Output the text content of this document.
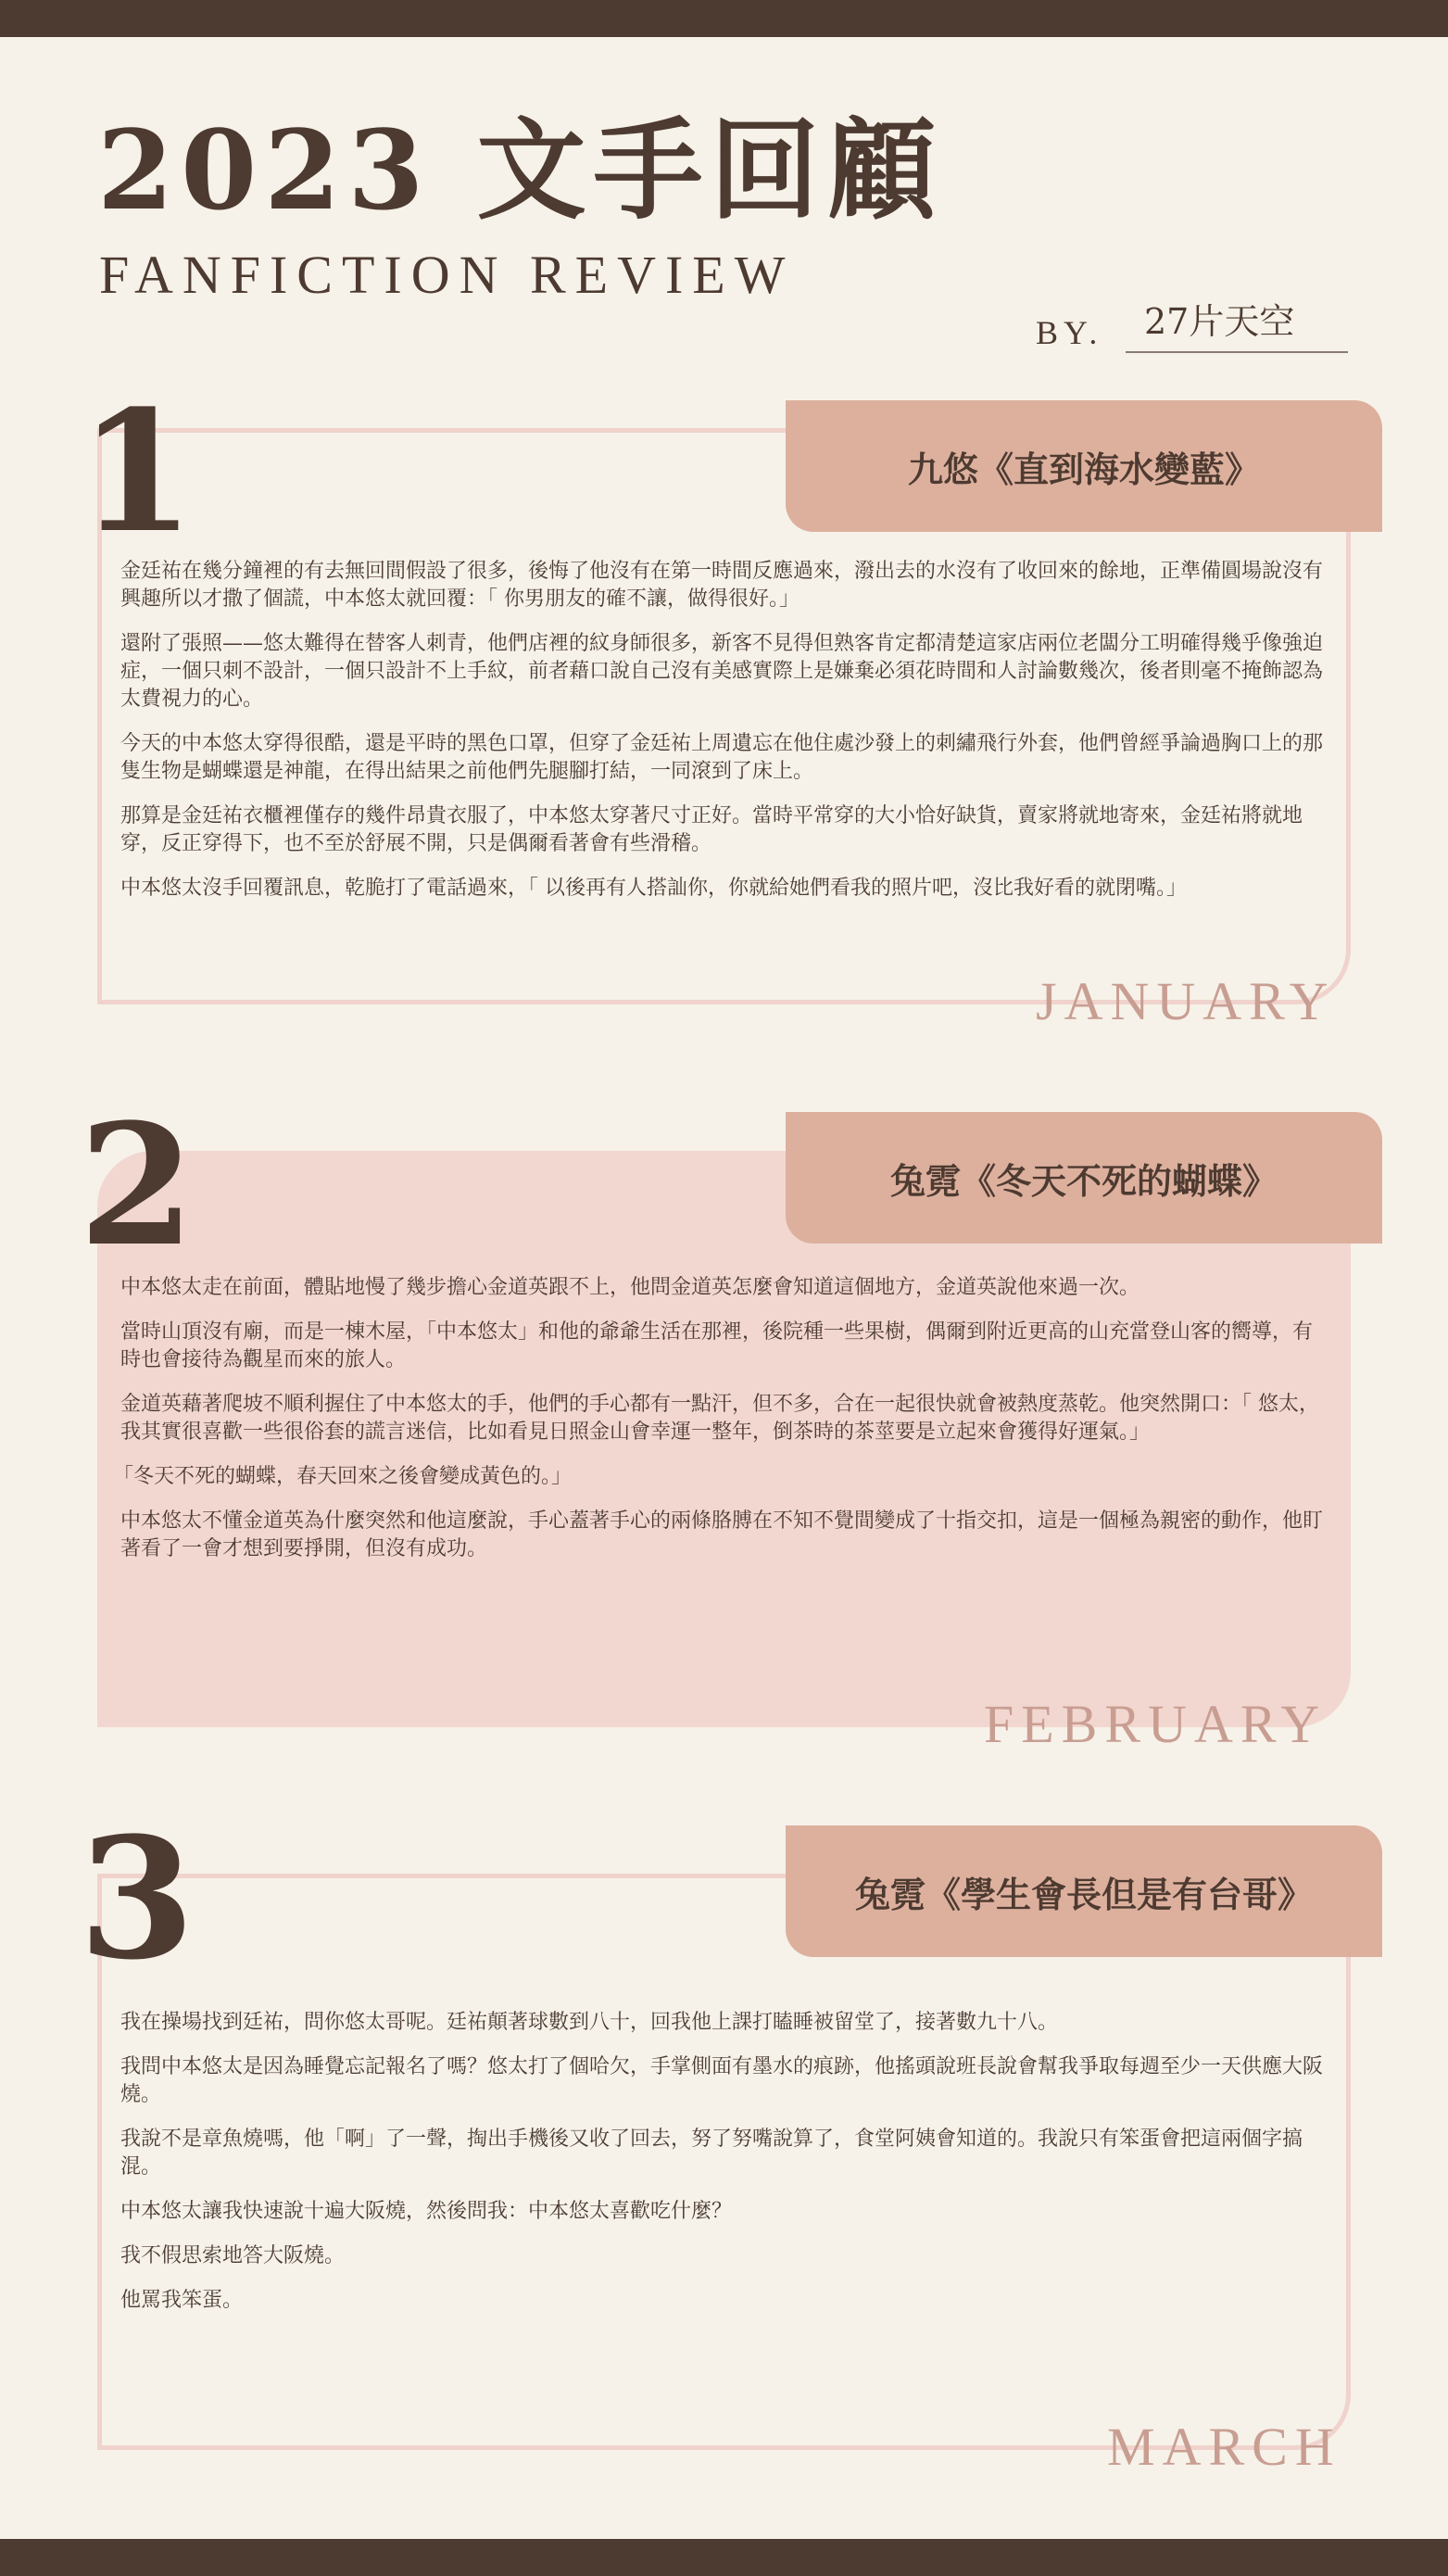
2023 文手回顧
FANFICTION REVIEW
BY.	27片天空
1	九悠《直到海水變藍》

金廷祐在幾分鐘裡的有去無回間假設了很多，後悔了他沒有在第一時間反應過來，潑出去的水沒有了收回來的餘地，正準備圓場說沒有興趣所以才撒了個謊，中本悠太就回覆：「 你男朋友的確不讓，做得很好。」

還附了張照——悠太難得在替客人刺青，他們店裡的紋身師很多，新客不見得但熟客肯定都清楚這家店兩位老闆分工明確得幾乎像強迫症，一個只刺不設計，一個只設計不上手紋，前者藉口說自己沒有美感實際上是嫌棄必須花時間和人討論數幾次，後者則毫不掩飾認為太費視力的心。

今天的中本悠太穿得很酷，還是平時的黑色口罩，但穿了金廷祐上周遺忘在他住處沙發上的刺繡飛行外套，他們曾經爭論過胸口上的那隻生物是蝴蝶還是神龍，在得出結果之前他們先腿腳打結，一同滾到了床上。

那算是金廷祐衣櫃裡僅存的幾件昂貴衣服了，中本悠太穿著尺寸正好。當時平常穿的大小恰好缺貨，賣家將就地寄來，金廷祐將就地穿，反正穿得下，也不至於舒展不開，只是偶爾看著會有些滑稽。

中本悠太沒手回覆訊息，乾脆打了電話過來，「 以後再有人搭訕你，你就給她們看我的照片吧，沒比我好看的就閉嘴。」

JANUARY
2	兔霓《冬天不死的蝴蝶》

中本悠太走在前面，體貼地慢了幾步擔心金道英跟不上，他問金道英怎麼會知道這個地方，金道英說他來過一次。

當時山頂沒有廟，而是一棟木屋，「中本悠太」和他的爺爺生活在那裡，後院種一些果樹，偶爾到附近更高的山充當登山客的嚮導，有時也會接待為觀星而來的旅人。

金道英藉著爬坡不順利握住了中本悠太的手，他們的手心都有一點汗，但不多，合在一起很快就會被熱度蒸乾。他突然開口：「 悠太，我其實很喜歡一些很俗套的謊言迷信，比如看見日照金山會幸運一整年，倒茶時的茶莖要是立起來會獲得好運氣。」

「冬天不死的蝴蝶，春天回來之後會變成黃色的。」

中本悠太不懂金道英為什麼突然和他這麼說，手心蓋著手心的兩條胳膊在不知不覺間變成了十指交扣，這是一個極為親密的動作，他盯著看了一會才想到要掙開，但沒有成功。

FEBRUARY
3	兔霓《學生會長但是有台哥》

我在操場找到廷祐，問你悠太哥呢。廷祐顛著球數到八十，回我他上課打瞌睡被留堂了，接著數九十八。

我問中本悠太是因為睡覺忘記報名了嗎？悠太打了個哈欠，手掌側面有墨水的痕跡，他搖頭說班長說會幫我爭取每週至少一天供應大阪燒。

我說不是章魚燒嗎，他「啊」了一聲，掏出手機後又收了回去，努了努嘴說算了，食堂阿姨會知道的。我說只有笨蛋會把這兩個字搞混。

中本悠太讓我快速說十遍大阪燒，然後問我：中本悠太喜歡吃什麼？

我不假思索地答大阪燒。

他罵我笨蛋。

MARCH
